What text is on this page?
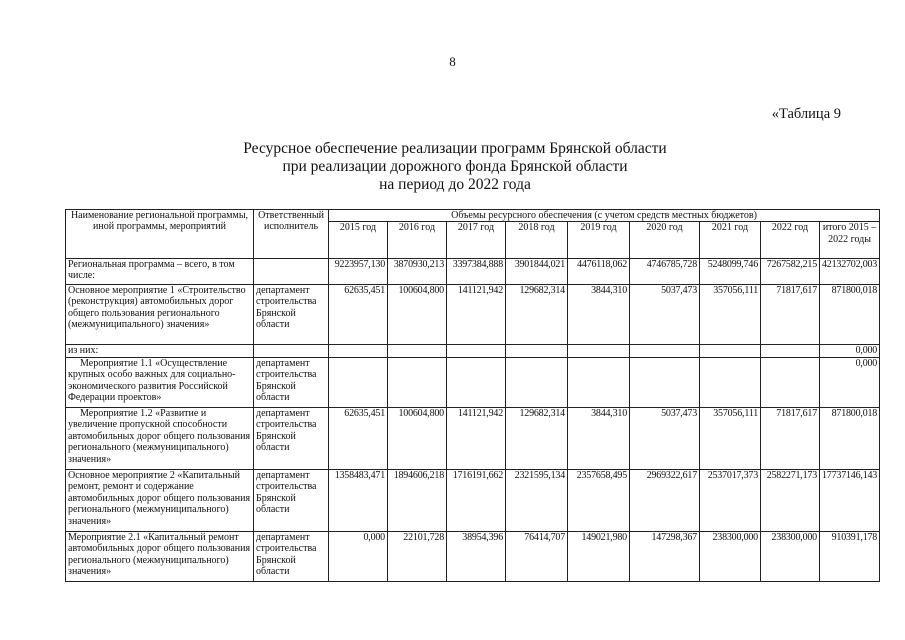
8
«Таблица 9
Ресурсное обеспечение реализации программ Брянской области
при реализации дорожного фонда Брянской области
на период до 2022 года
Наименование региональной программы, иной программы, мероприятий	Ответственный исполнитель	Объемы ресурсного обеспечения (с учетом средств местных бюджетов)								
		2015 год	2016 год	2017 год	2018 год	2019 год	2020 год	2021 год	2022 год	итого 2015 – 2022 годы
Региональная программа – всего, в том числе:		9223957,130	3870930,213	3397384,888	3901844,021	4476118,062	4746785,728	5248099,746	7267582,215	42132702,003
Основное мероприятие 1 «Строительство (реконструкция) автомобильных дорог общего пользования регионального (межмуниципального) значения»	департамент строительства Брянской области	62635,451	100604,800	141121,942	129682,314	3844,310	5037,473	357056,111	71817,617	871800,018
из них:										0,000
Мероприятие 1.1 «Осуществление крупных особо важных для социально-экономического развития Российской Федерации проектов»	департамент строительства Брянской области									0,000
Мероприятие 1.2 «Развитие и увеличение пропускной способности автомобильных дорог общего пользования регионального (межмуниципального) значения»	департамент строительства Брянской области	62635,451	100604,800	141121,942	129682,314	3844,310	5037,473	357056,111	71817,617	871800,018
Основное мероприятие 2 «Капитальный ремонт, ремонт и содержание автомобильных дорог общего пользования регионального (межмуниципального) значения»	департамент строительства Брянской области	1358483,471	1894606,218	1716191,662	2321595,134	2357658,495	2969322,617	2537017,373	2582271,173	17737146,143
Мероприятие 2.1 «Капитальный ремонт автомобильных дорог общего пользования регионального (межмуниципального) значения»	департамент строительства Брянской области	0,000	22101,728	38954,396	76414,707	149021,980	147298,367	238300,000	238300,000	910391,178
